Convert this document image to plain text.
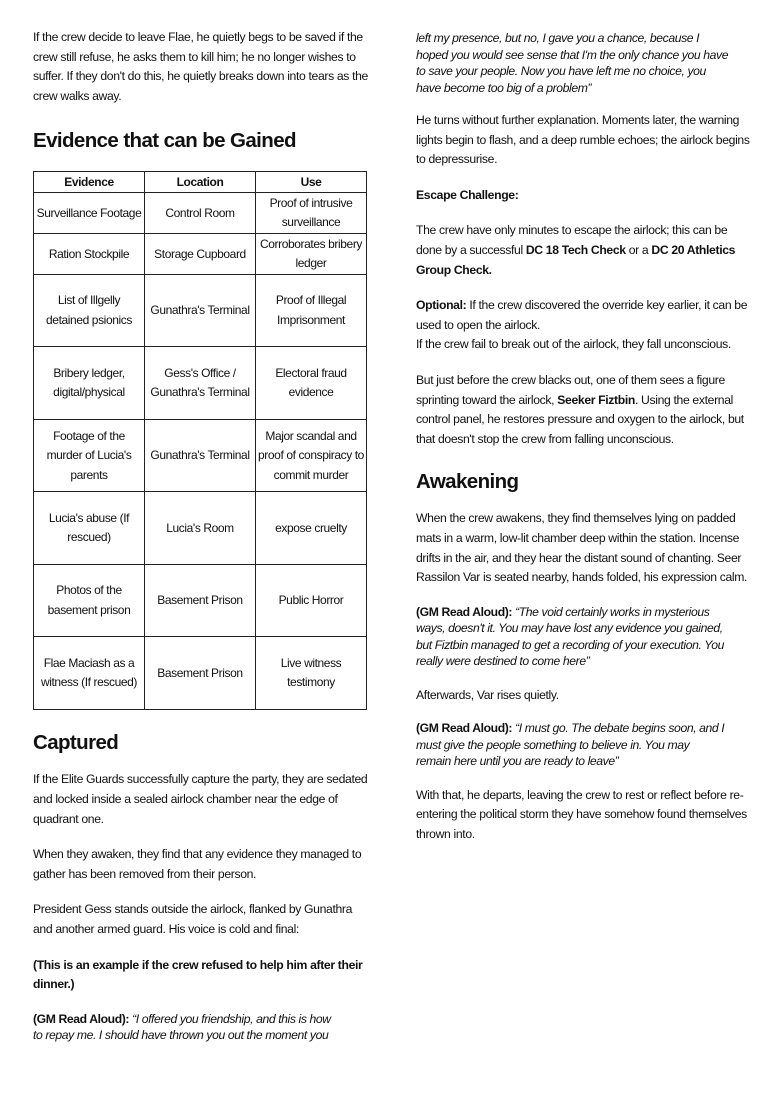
If the crew decide to leave Flae, he quietly begs to be saved if the crew still refuse, he asks them to kill him; he no longer wishes to suffer. If they don't do this, he quietly breaks down into tears as the crew walks away.

Evidence that can be Gained
Evidence	Location	Use
Surveillance Footage	Control Room	Proof of intrusive surveillance
Ration Stockpile	Storage Cupboard	Corroborates bribery ledger
List of Illgelly detained psionics	Gunathra's Terminal	Proof of Illegal Imprisonment
Bribery ledger, digital/physical	Gess's Office / Gunathra's Terminal	Electoral fraud evidence
Footage of the murder of Lucia's parents	Gunathra's Terminal	Major scandal and proof of conspiracy to commit murder
Lucia's abuse (If rescued)	Lucia's Room	expose cruelty
Photos of the basement prison	Basement Prison	Public Horror
Flae Maciash as a witness (If rescued)	Basement Prison	Live witness testimony
Captured

If the Elite Guards successfully capture the party, they are sedated and locked inside a sealed airlock chamber near the edge of quadrant one.

When they awaken, they find that any evidence they managed to gather has been removed from their person.

President Gess stands outside the airlock, flanked by Gunathra and another armed guard. His voice is cold and final:

(This is an example if the crew refused to help him after their dinner.)

(GM Read Aloud): “I offered you friendship, and this is how
to repay me. I should have thrown you out the moment you
left my presence, but no, I gave you a chance, because I
hoped you would see sense that I'm the only chance you have
to save your people. Now you have left me no choice, you
have become too big of a problem”

He turns without further explanation. Moments later, the warning lights begin to flash, and a deep rumble echoes; the airlock begins to depressurise.

Escape Challenge:

The crew have only minutes to escape the airlock; this can be done by a successful DC 18 Tech Check or a DC 20 Athletics Group Check.

Optional: If the crew discovered the override key earlier, it can be used to open the airlock.

If the crew fail to break out of the airlock, they fall unconscious.

But just before the crew blacks out, one of them sees a figure sprinting toward the airlock, Seeker Fiztbin. Using the external control panel, he restores pressure and oxygen to the airlock, but that doesn't stop the crew from falling unconscious.

Awakening

When the crew awakens, they find themselves lying on padded mats in a warm, low-lit chamber deep within the station. Incense drifts in the air, and they hear the distant sound of chanting. Seer Rassilon Var is seated nearby, hands folded, his expression calm.

(GM Read Aloud): “The void certainly works in mysterious
ways, doesn't it. You may have lost any evidence you gained,
but Fiztbin managed to get a recording of your execution. You
really were destined to come here”

Afterwards, Var rises quietly.

(GM Read Aloud): “I must go. The debate begins soon, and I
must give the people something to believe in. You may
remain here until you are ready to leave”

With that, he departs, leaving the crew to rest or reflect before re-entering the political storm they have somehow found themselves thrown into.
